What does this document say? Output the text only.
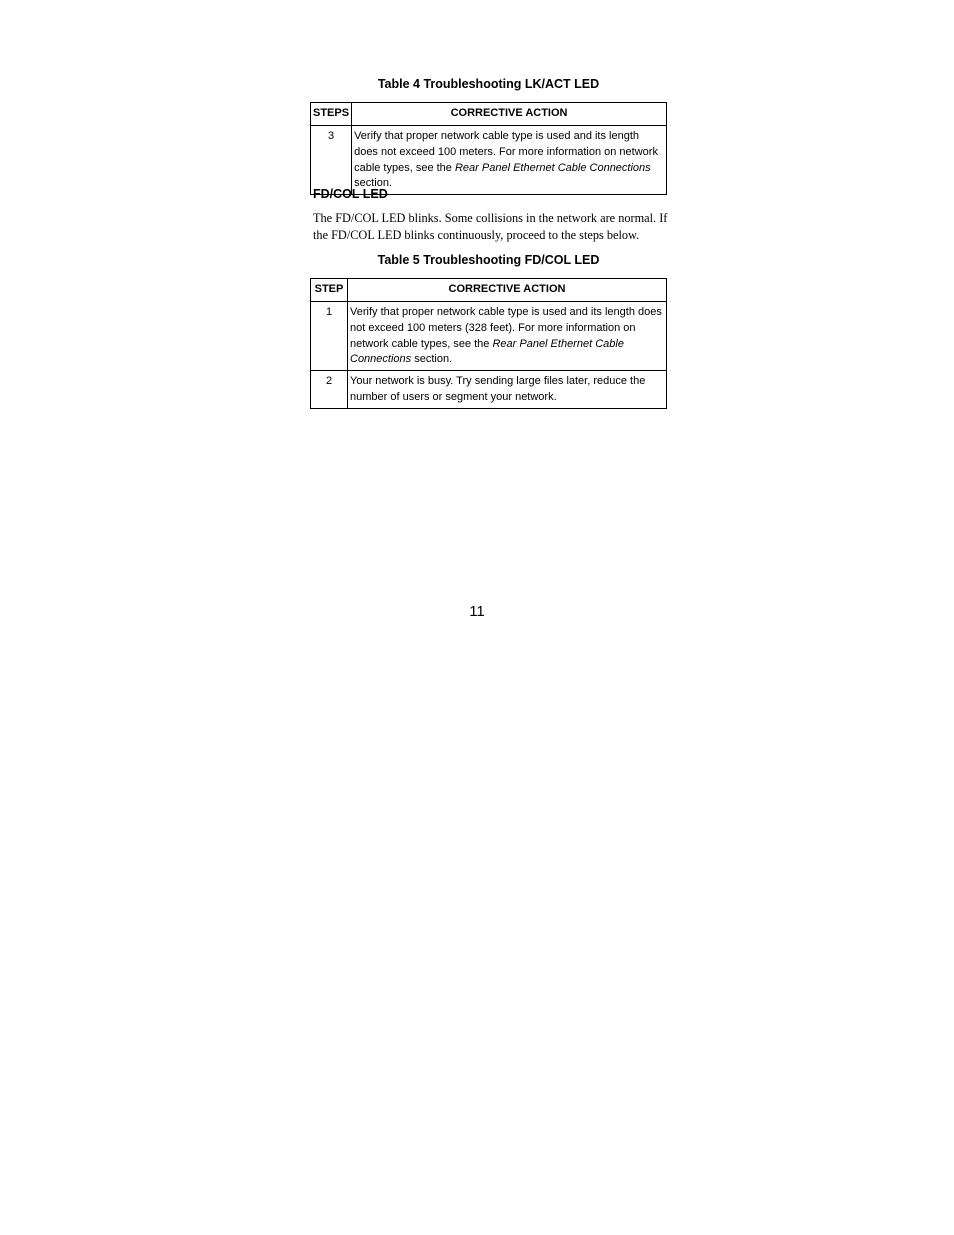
Table 4 Troubleshooting LK/ACT LED
STEPS	CORRECTIVE ACTION
3	Verify that proper network cable type is used and its length does not exceed 100 meters. For more information on network cable types, see the Rear Panel Ethernet Cable Connections section.
FD/COL LED
The FD/COL LED blinks. Some collisions in the network are normal. If the FD/COL LED blinks continuously, proceed to the steps below.
Table 5 Troubleshooting FD/COL LED
STEP	CORRECTIVE ACTION
1	Verify that proper network cable type is used and its length does not exceed 100 meters (328 feet). For more information on network cable types, see the Rear Panel Ethernet Cable Connections section.
2	Your network is busy. Try sending large files later, reduce the number of users or segment your network.
11
